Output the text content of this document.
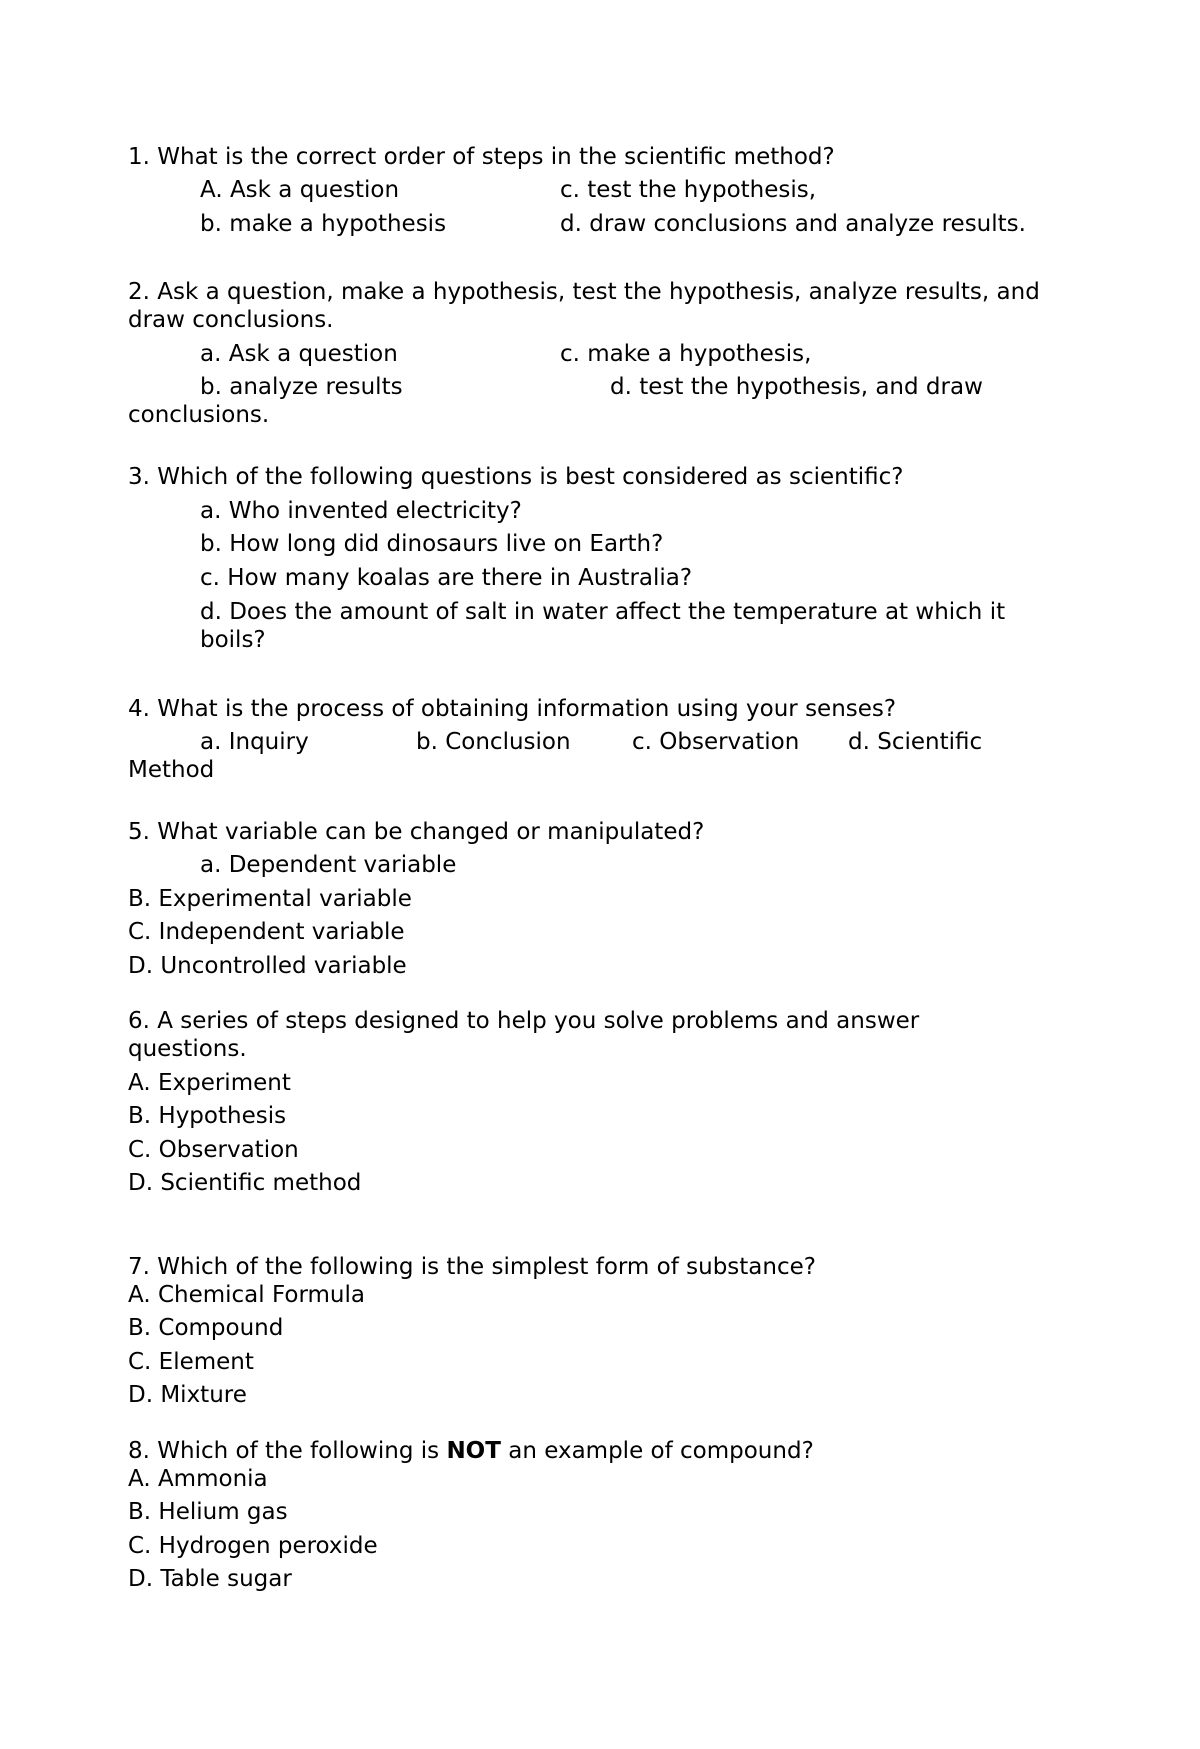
1. What is the correct order of steps in the scientific method?
A. Ask a question	c. test the hypothesis,
b. make a hypothesis	d. draw conclusions and analyze results.
2. Ask a question, make a hypothesis, test the hypothesis, analyze results, and
draw conclusions.
a. Ask a question	c. make a hypothesis,
b. analyze results	d. test the hypothesis, and draw
conclusions.
3. Which of the following questions is best considered as scientific?
a. Who invented electricity?
b. How long did dinosaurs live on Earth?
c. How many koalas are there in Australia?
d. Does the amount of salt in water affect the temperature at which it
boils?
4. What is the process of obtaining information using your senses?
a. Inquiry	b. Conclusion	c. Observation d. Scientific
Method
5. What variable can be changed or manipulated?
a. Dependent variable
B. Experimental variable
C. Independent variable
D. Uncontrolled variable
6. A series of steps designed to help you solve problems and answer
questions.
A. Experiment
B. Hypothesis
C. Observation
D. Scientific method
7. Which of the following is the simplest form of substance?
A. Chemical Formula
B. Compound
C. Element
D. Mixture
8. Which of the following is NOT an example of compound?
A. Ammonia
B. Helium gas
C. Hydrogen peroxide
D. Table sugar
